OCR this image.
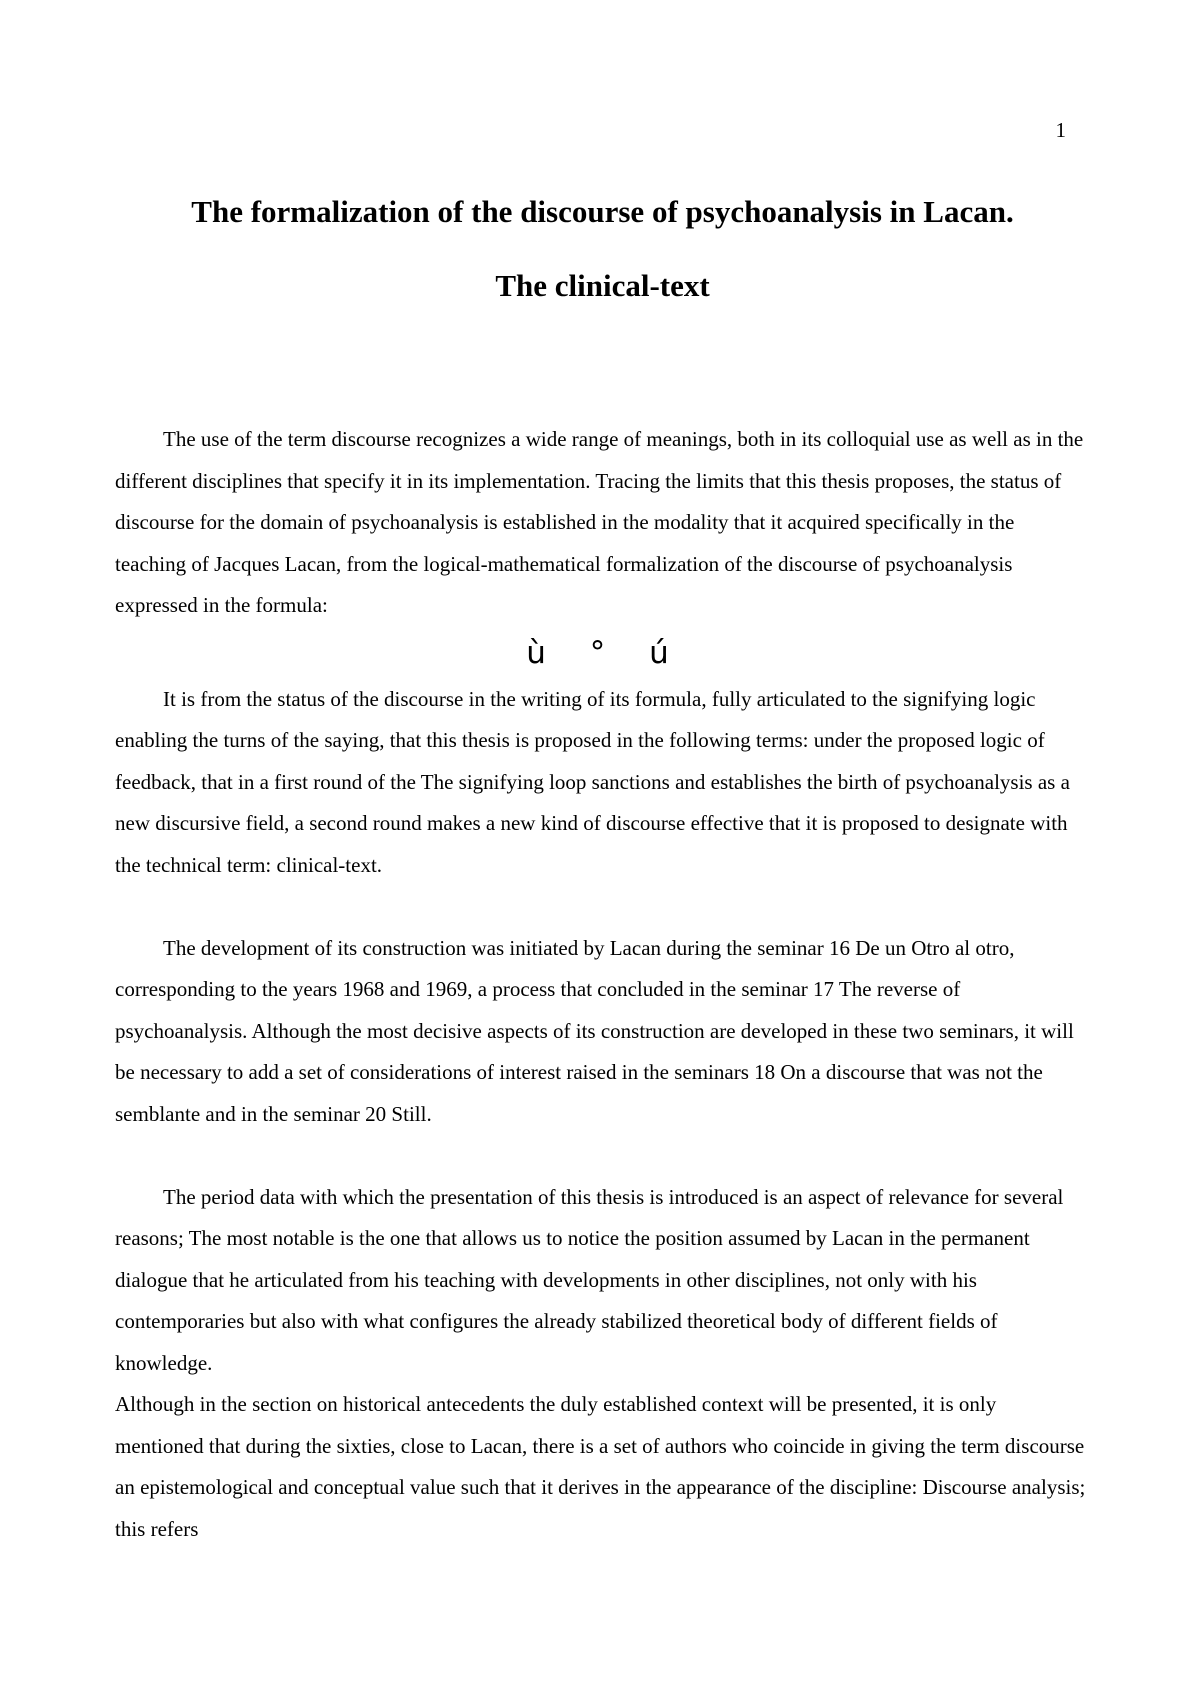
1
The formalization of the discourse of psychoanalysis in Lacan.
The clinical-text

The use of the term discourse recognizes a wide range of meanings, both in its colloquial use as well as in the different disciplines that specify it in its implementation. Tracing the limits that this thesis proposes, the status of discourse for the domain of psychoanalysis is established in the modality that it acquired specifically in the teaching of Jacques Lacan, from the logical-mathematical formalization of the discourse of psychoanalysis expressed in the formula:

ù ° ú

It is from the status of the discourse in the writing of its formula, fully articulated to the signifying logic enabling the turns of the saying, that this thesis is proposed in the following terms: under the proposed logic of feedback, that in a first round of the The signifying loop sanctions and establishes the birth of psychoanalysis as a new discursive field, a second round makes a new kind of discourse effective that it is proposed to designate with the technical term: clinical-text.

The development of its construction was initiated by Lacan during the seminar 16 De un Otro al otro, corresponding to the years 1968 and 1969, a process that concluded in the seminar 17 The reverse of psychoanalysis. Although the most decisive aspects of its construction are developed in these two seminars, it will be necessary to add a set of considerations of interest raised in the seminars 18 On a discourse that was not the semblante and in the seminar 20 Still.

The period data with which the presentation of this thesis is introduced is an aspect of relevance for several reasons; The most notable is the one that allows us to notice the position assumed by Lacan in the permanent dialogue that he articulated from his teaching with developments in other disciplines, not only with his contemporaries but also with what configures the already stabilized theoretical body of different fields of knowledge.

Although in the section on historical antecedents the duly established context will be presented, it is only mentioned that during the sixties, close to Lacan, there is a set of authors who coincide in giving the term discourse an epistemological and conceptual value such that it derives in the appearance of the discipline: Discourse analysis; this refers
